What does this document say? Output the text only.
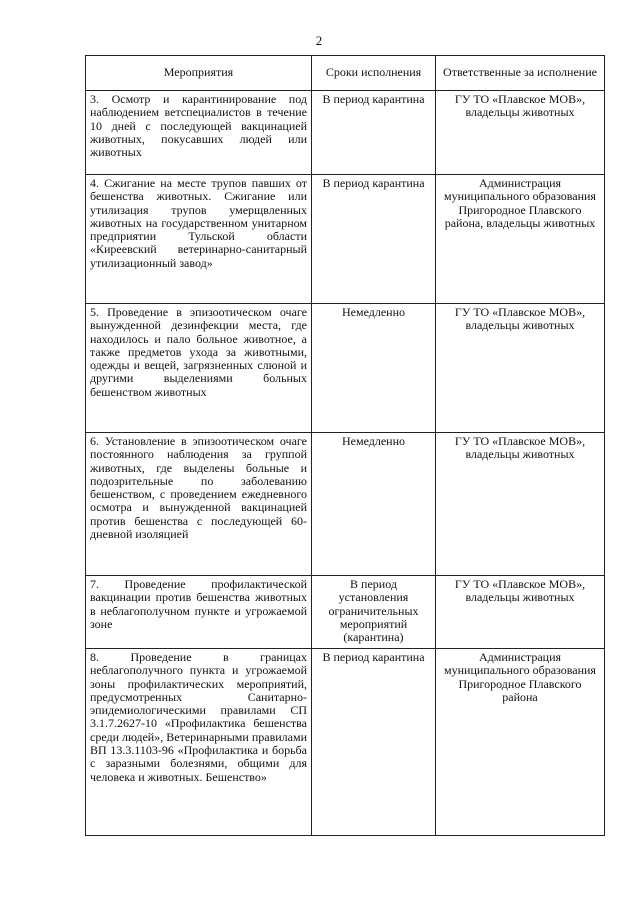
2
Мероприятия	Сроки исполнения	Ответственные за исполнение
3. Осмотр и карантинирование под наблюдением ветспециалистов в течение 10 дней с последующей вакцинацией животных, покусавших людей или животных	В период карантина	ГУ ТО «Плавское МОВ», владельцы животных
4. Сжигание на месте трупов павших от бешенства животных. Сжигание или утилизация трупов умерщвленных животных на государственном унитарном предприятии Тульской области «Киреевский ветеринарно-санитарный утилизационный завод»	В период карантина	Администрация муниципального образования Пригородное Плавского района, владельцы животных
5. Проведение в эпизоотическом очаге вынужденной дезинфекции места, где находилось и пало больное животное, а также предметов ухода за животными, одежды и вещей, загрязненных слюной и другими выделениями больных бешенством животных	Немедленно	ГУ ТО «Плавское МОВ», владельцы животных
6. Установление в эпизоотическом очаге постоянного наблюдения за группой животных, где выделены больные и подозрительные по заболеванию бешенством, с проведением ежедневного осмотра и вынужденной вакцинацией против бешенства с последующей 60-дневной изоляцией	Немедленно	ГУ ТО «Плавское МОВ», владельцы животных
7. Проведение профилактической вакцинации против бешенства животных в неблагополучном пункте и угрожаемой зоне	В период установления ограничительных мероприятий (карантина)	ГУ ТО «Плавское МОВ», владельцы животных
8. Проведение в границах неблагополучного пункта и угрожаемой зоны профилактических мероприятий, предусмотренных Санитарно-эпидемиологическими правилами СП 3.1.7.2627-10 «Профилактика бешенства среди людей», Ветеринарными правилами ВП 13.3.1103-96 «Профилактика и борьба с заразными болезнями, общими для человека и животных. Бешенство»	В период карантина	Администрация муниципального образования Пригородное Плавского района
